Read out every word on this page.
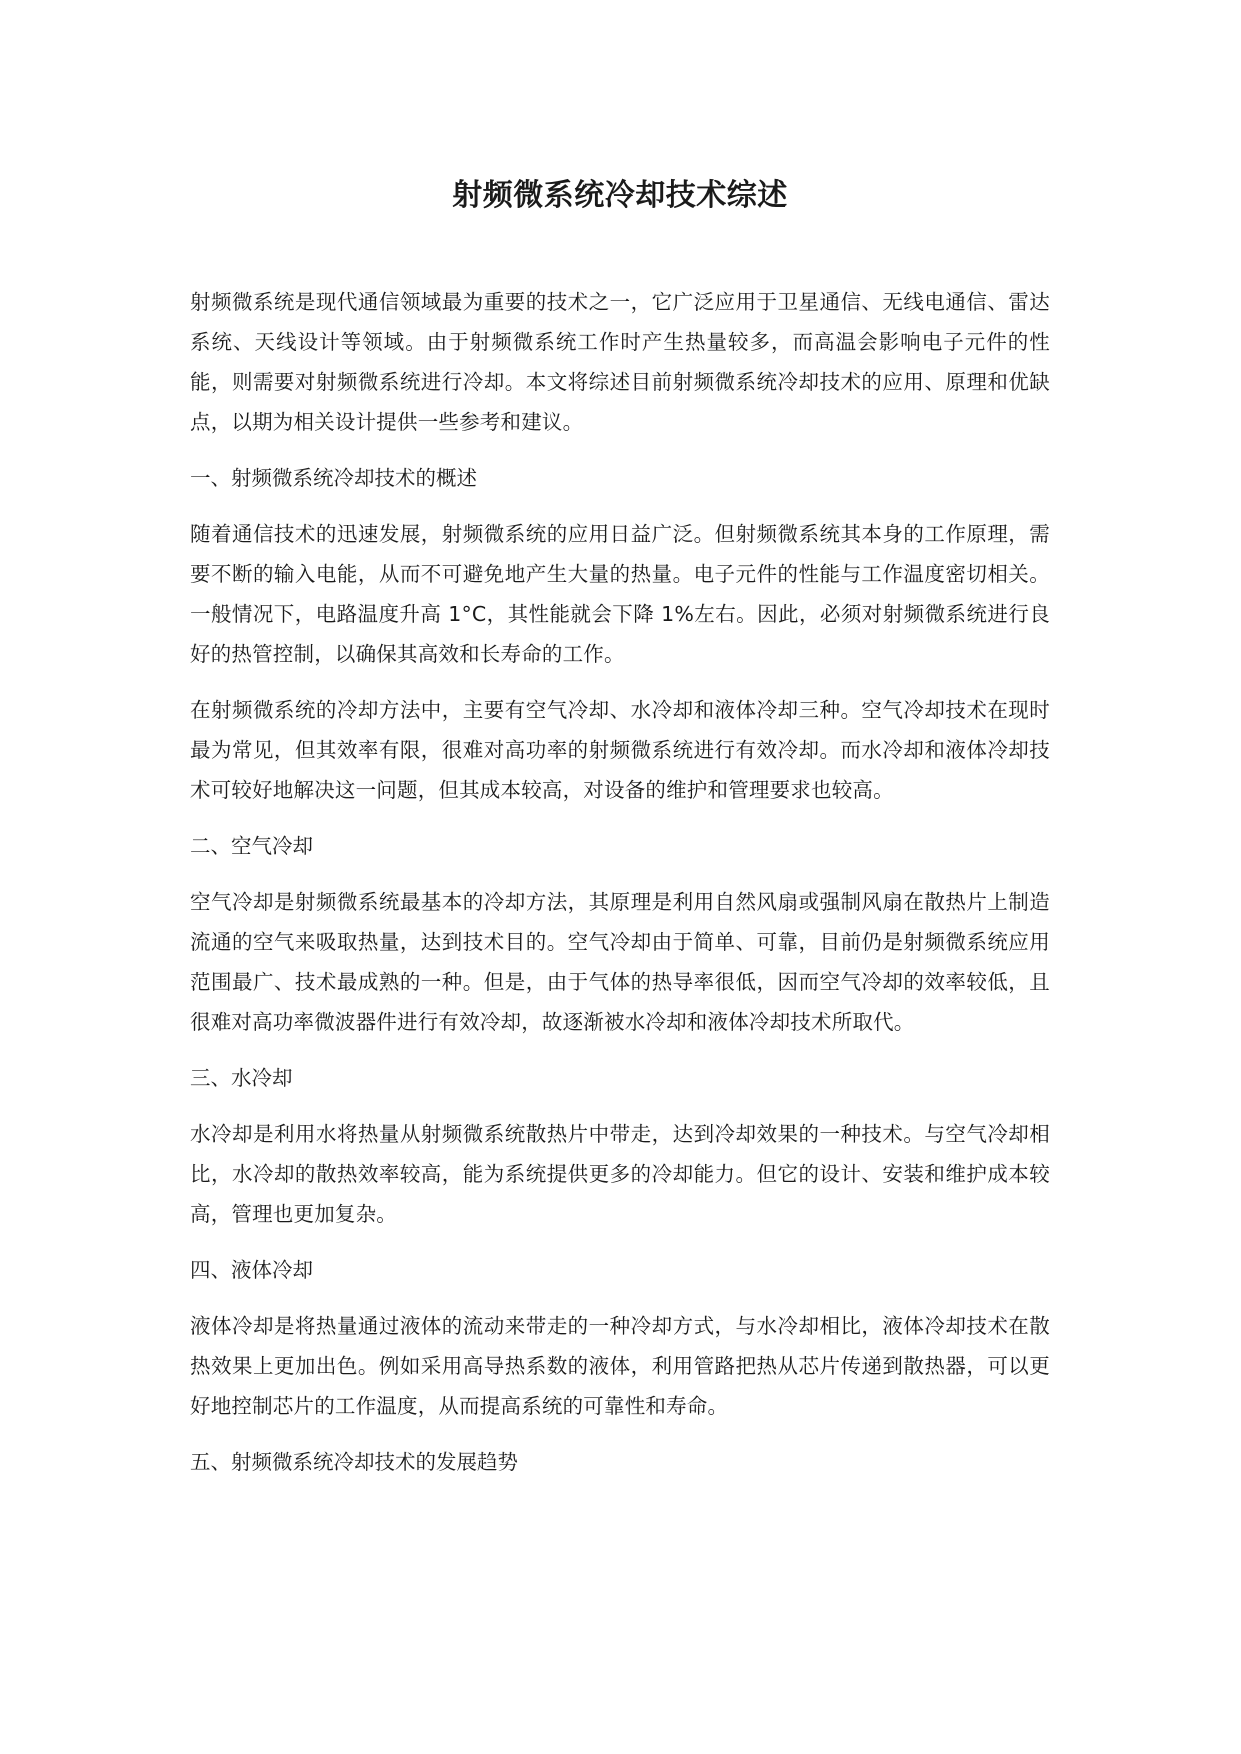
射频微系统冷却技术综述

射频微系统是现代通信领域最为重要的技术之一，它广泛应用于卫星通信、无线电通信、雷达系统、天线设计等领域。由于射频微系统工作时产生热量较多，而高温会影响电子元件的性能，则需要对射频微系统进行冷却。本文将综述目前射频微系统冷却技术的应用、原理和优缺点，以期为相关设计提供一些参考和建议。

一、射频微系统冷却技术的概述

随着通信技术的迅速发展，射频微系统的应用日益广泛。但射频微系统其本身的工作原理，需要不断的输入电能，从而不可避免地产生大量的热量。电子元件的性能与工作温度密切相关。一般情况下，电路温度升高 1°C，其性能就会下降 1%左右。因此，必须对射频微系统进行良好的热管控制，以确保其高效和长寿命的工作。

在射频微系统的冷却方法中，主要有空气冷却、水冷却和液体冷却三种。空气冷却技术在现时最为常见，但其效率有限，很难对高功率的射频微系统进行有效冷却。而水冷却和液体冷却技术可较好地解决这一问题，但其成本较高，对设备的维护和管理要求也较高。

二、空气冷却

空气冷却是射频微系统最基本的冷却方法，其原理是利用自然风扇或强制风扇在散热片上制造流通的空气来吸取热量，达到技术目的。空气冷却由于简单、可靠，目前仍是射频微系统应用范围最广、技术最成熟的一种。但是，由于气体的热导率很低，因而空气冷却的效率较低，且很难对高功率微波器件进行有效冷却，故逐渐被水冷却和液体冷却技术所取代。

三、水冷却

水冷却是利用水将热量从射频微系统散热片中带走，达到冷却效果的一种技术。与空气冷却相比，水冷却的散热效率较高，能为系统提供更多的冷却能力。但它的设计、安装和维护成本较高，管理也更加复杂。

四、液体冷却

液体冷却是将热量通过液体的流动来带走的一种冷却方式，与水冷却相比，液体冷却技术在散热效果上更加出色。例如采用高导热系数的液体，利用管路把热从芯片传递到散热器，可以更好地控制芯片的工作温度，从而提高系统的可靠性和寿命。

五、射频微系统冷却技术的发展趋势
